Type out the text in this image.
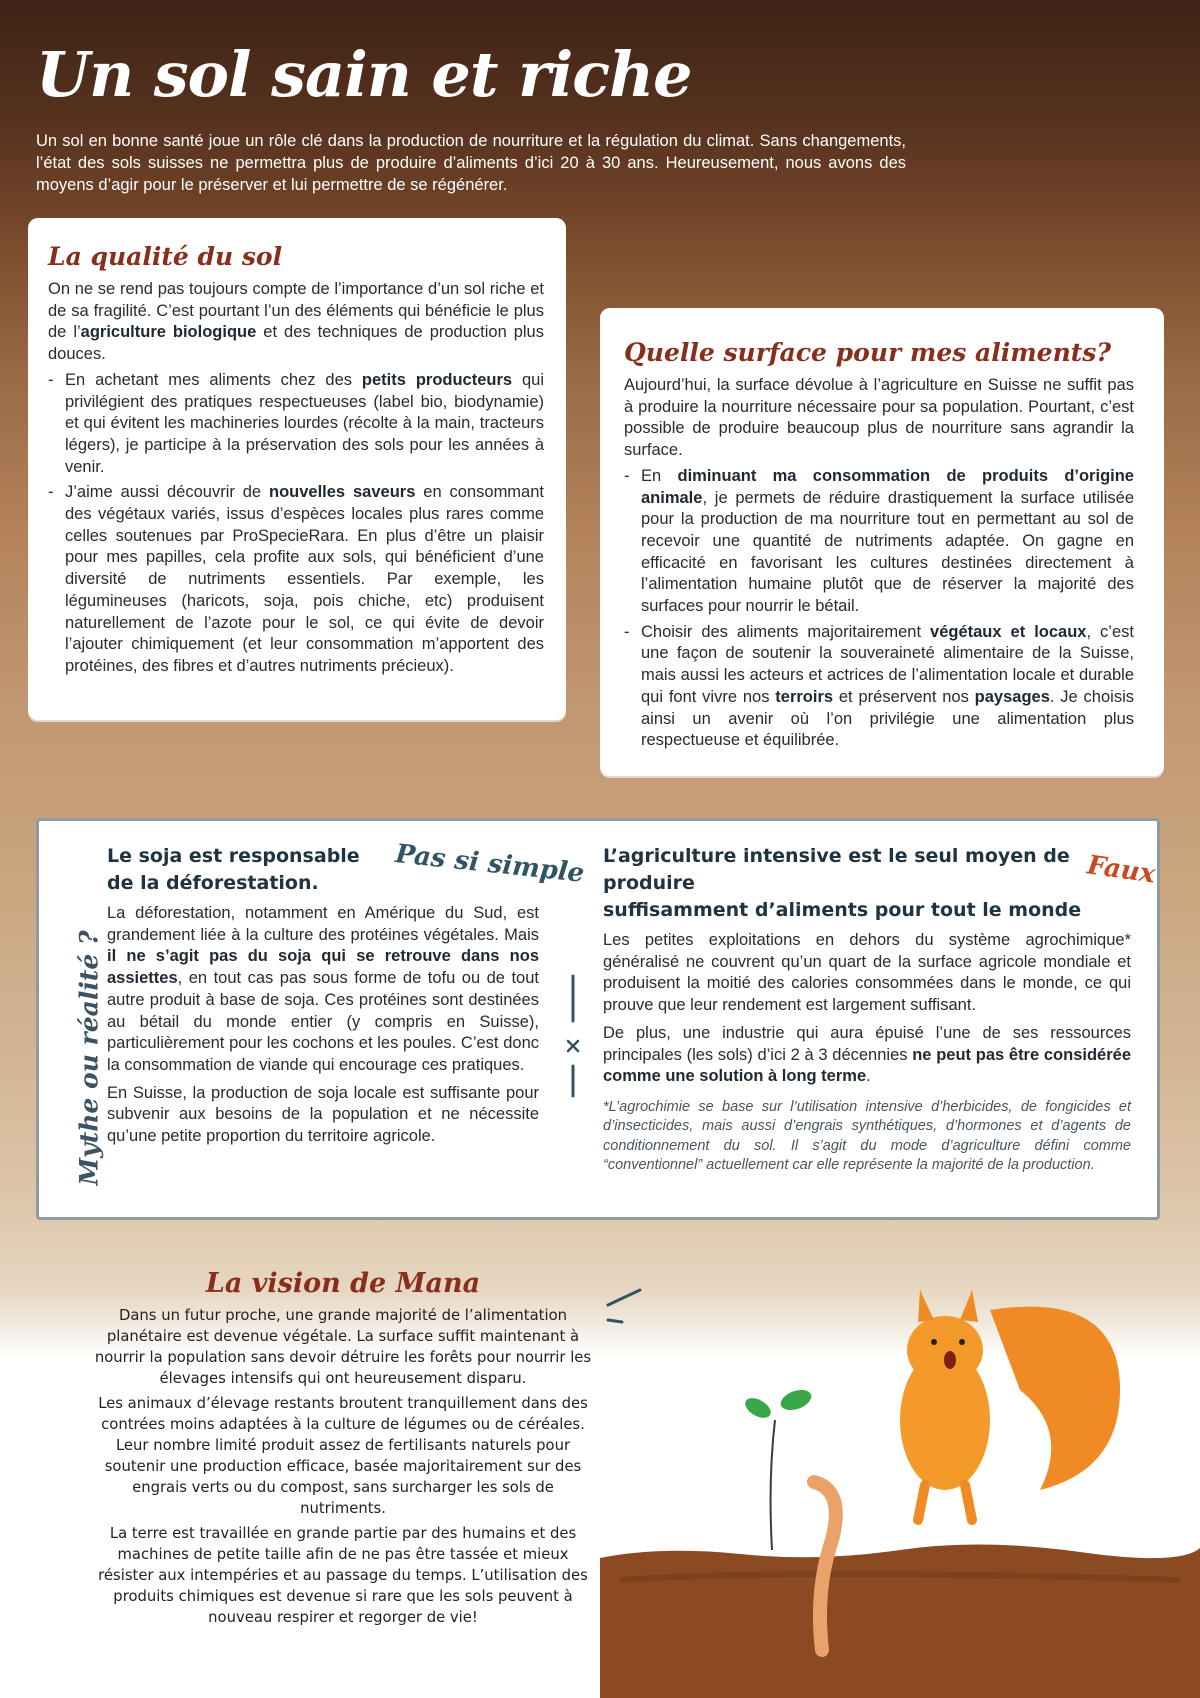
Un sol sain et riche

Un sol en bonne santé joue un rôle clé dans la production de nourriture et la régulation du climat. Sans changements, l’état des sols suisses ne permettra plus de produire d’aliments d’ici 20 à 30 ans. Heureusement, nous avons des moyens d’agir pour le préserver et lui permettre de se régénérer.

La qualité du sol

On ne se rend pas toujours compte de l’importance d’un sol riche et de sa fragilité. C’est pourtant l’un des éléments qui bénéficie le plus de l’agriculture biologique et des techniques de production plus douces.

- En achetant mes aliments chez des petits producteurs qui privilégient des pratiques respectueuses (label bio, biodynamie) et qui évitent les machineries lourdes (récolte à la main, tracteurs légers), je participe à la préservation des sols pour les années à venir.
- J’aime aussi découvrir de nouvelles saveurs en consommant des végétaux variés, issus d’espèces locales plus rares comme celles soutenues par ProSpecieRara. En plus d’être un plaisir pour mes papilles, cela profite aux sols, qui bénéficient d’une diversité de nutriments essentiels. Par exemple, les légumineuses (haricots, soja, pois chiche, etc) produisent naturellement de l’azote pour le sol, ce qui évite de devoir l’ajouter chimiquement (et leur consommation m’apportent des protéines, des fibres et d’autres nutriments précieux).
Quelle surface pour mes aliments?

Aujourd’hui, la surface dévolue à l’agriculture en Suisse ne suffit pas à produire la nourriture nécessaire pour sa population. Pourtant, c’est possible de produire beaucoup plus de nourriture sans agrandir la surface.

- En diminuant ma consommation de produits d’origine animale, je permets de réduire drastiquement la surface utilisée pour la production de ma nourriture tout en permettant au sol de recevoir une quantité de nutriments adaptée. On gagne en efficacité en favorisant les cultures destinées directement à l’alimentation humaine plutôt que de réserver la majorité des surfaces pour nourrir le bétail.
- Choisir des aliments majoritairement végétaux et locaux, c’est une façon de soutenir la souveraineté alimentaire de la Suisse, mais aussi les acteurs et actrices de l’alimentation locale et durable qui font vivre nos terroirs et préservent nos paysages. Je choisis ainsi un avenir où l’on privilégie une alimentation plus respectueuse et équilibrée.
Mythe ou réalité ?
Le soja est responsable
de la déforestation.

La déforestation, notamment en Amérique du Sud, est grandement liée à la culture des protéines végétales. Mais il ne s’agit pas du soja qui se retrouve dans nos assiettes, en tout cas pas sous forme de tofu ou de tout autre produit à base de soja. Ces protéines sont destinées au bétail du monde entier (y compris en Suisse), particulièrement pour les cochons et les poules. C’est donc la consommation de viande qui encourage ces pratiques.

En Suisse, la production de soja locale est suffisante pour subvenir aux besoins de la population et ne nécessite qu’une petite proportion du territoire agricole.

Pas si simple L’agriculture intensive est le seul moyen de produire
suffisamment d’aliments pour tout le monde

Les petites exploitations en dehors du système agrochimique* généralisé ne couvrent qu’un quart de la surface agricole mondiale et produisent la moitié des calories consommées dans le monde, ce qui prouve que leur rendement est largement suffisant.

De plus, une industrie qui aura épuisé l’une de ses ressources principales (les sols) d’ici 2 à 3 décennies ne peut pas être considérée comme une solution à long terme.

*L’agrochimie se base sur l’utilisation intensive d’herbicides, de fongicides et d’insecticides, mais aussi d’engrais synthétiques, d’hormones et d’agents de conditionnement du sol. Il s’agit du mode d’agriculture défini comme “conventionnel” actuellement car elle représente la majorité de la production.

Faux
La vision de Mana

Dans un futur proche, une grande majorité de l’alimentation planétaire est devenue végétale. La surface suffit maintenant à nourrir la population sans devoir détruire les forêts pour nourrir les élevages intensifs qui ont heureusement disparu.

Les animaux d’élevage restants broutent tranquillement dans des contrées moins adaptées à la culture de légumes ou de céréales. Leur nombre limité produit assez de fertilisants naturels pour soutenir une production efficace, basée majoritairement sur des engrais verts ou du compost, sans surcharger les sols de nutriments.

La terre est travaillée en grande partie par des humains et des machines de petite taille afin de ne pas être tassée et mieux résister aux intempéries et au passage du temps. L’utilisation des produits chimiques est devenue si rare que les sols peuvent à nouveau respirer et regorger de vie!
